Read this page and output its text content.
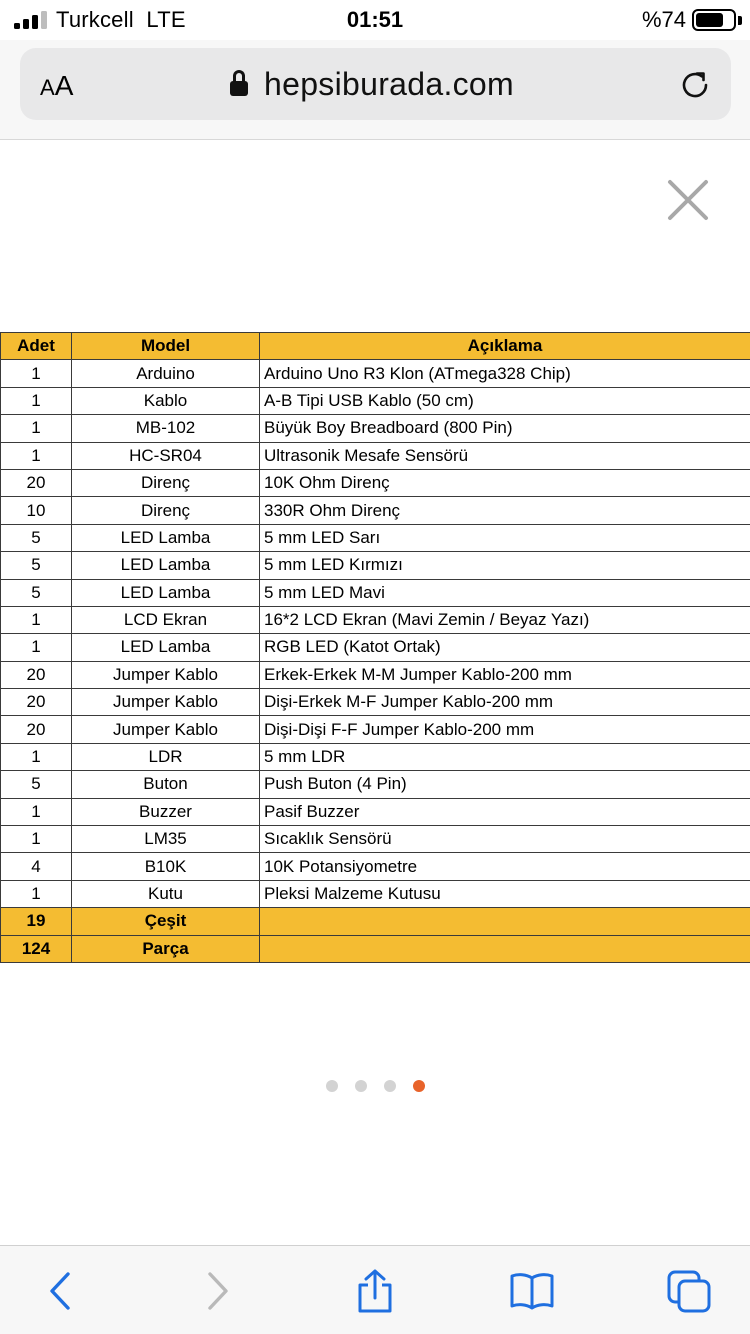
Turkcell LTE	01:51	%74
AA	hepsiburada.com
Adet	Model	Açıklama
1	Arduino	Arduino Uno R3 Klon (ATmega328 Chip)
1	Kablo	A-B Tipi USB Kablo (50 cm)
1	MB-102	Büyük Boy Breadboard (800 Pin)
1	HC-SR04	Ultrasonik Mesafe Sensörü
20	Direnç	10K Ohm Direnç
10	Direnç	330R Ohm Direnç
5	LED Lamba	5 mm LED Sarı
5	LED Lamba	5 mm LED Kırmızı
5	LED Lamba	5 mm LED Mavi
1	LCD Ekran	16*2 LCD Ekran (Mavi Zemin / Beyaz Yazı)
1	LED Lamba	RGB LED (Katot Ortak)
20	Jumper Kablo	Erkek-Erkek M-M Jumper Kablo-200 mm
20	Jumper Kablo	Dişi-Erkek M-F Jumper Kablo-200 mm
20	Jumper Kablo	Dişi-Dişi F-F Jumper Kablo-200 mm
1	LDR	5 mm LDR
5	Buton	Push Buton (4 Pin)
1	Buzzer	Pasif Buzzer
1	LM35	Sıcaklık Sensörü
4	B10K	10K Potansiyometre
1	Kutu	Pleksi Malzeme Kutusu
19	Çeşit	
124	Parça	
